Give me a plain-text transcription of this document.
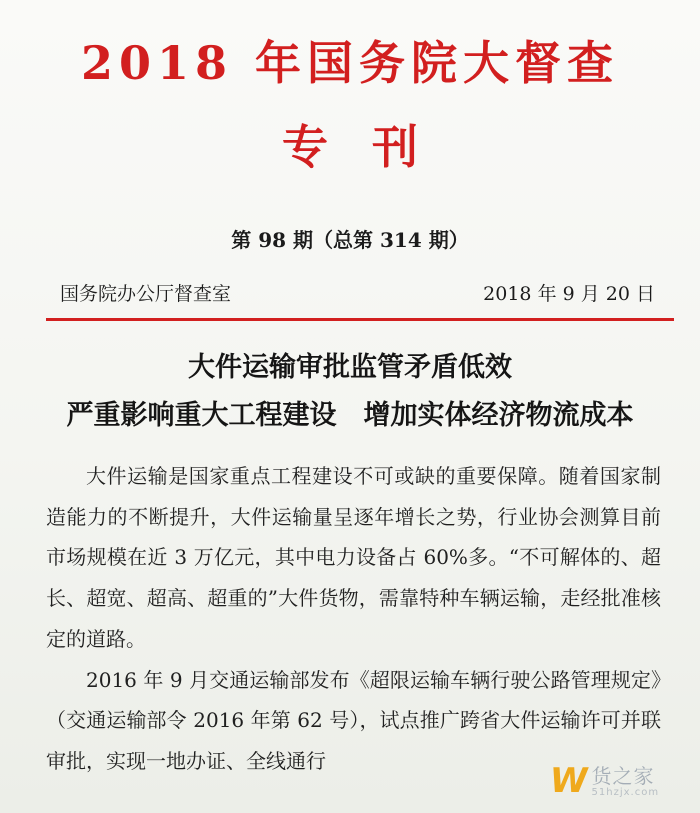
2018 年国务院大督查
专刊
第 98 期（总第 314 期）
国务院办公厅督查室	2018 年 9 月 20 日
大件运输审批监管矛盾低效
严重影响重大工程建设　增加实体经济物流成本

大件运输是国家重点工程建设不可或缺的重要保障。随着国家制造能力的不断提升，大件运输量呈逐年增长之势，行业协会测算目前市场规模在近 3 万亿元，其中电力设备占 60%多。“不可解体的、超长、超宽、超高、超重的”大件货物，需靠特种车辆运输，走经批准核定的道路。

2016 年 9 月交通运输部发布《超限运输车辆行驶公路管理规定》（交通运输部令 2016 年第 62 号），试点推广跨省大件运输许可并联审批，实现一地办证、全线通行

W 货之家
51hzjx.com
